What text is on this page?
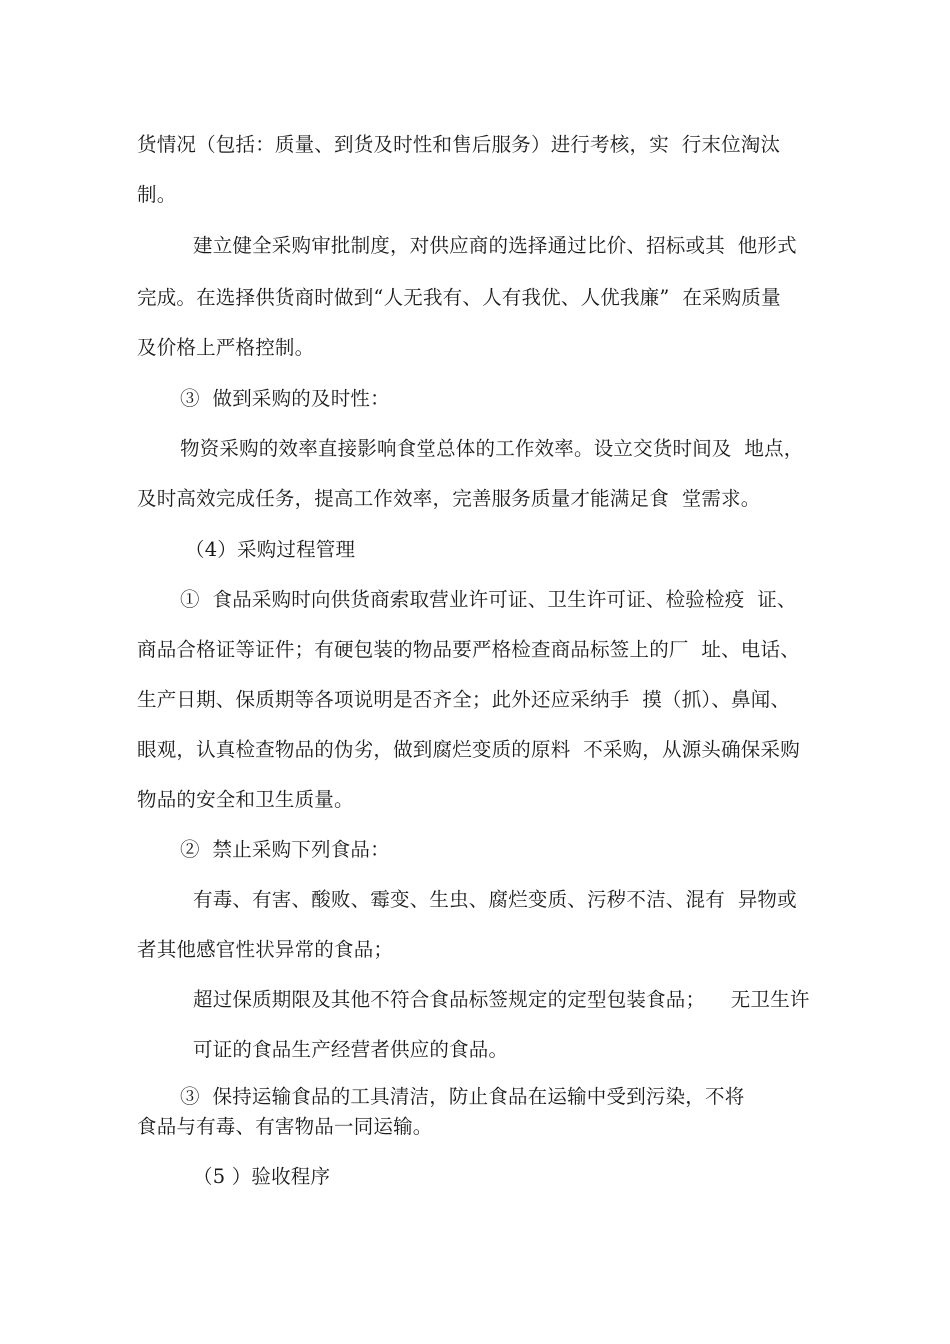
货情况（包括：质量、到货及时性和售后服务）进行考核，实  行末位淘汰
制。
建立健全采购审批制度，对供应商的选择通过比价、招标或其  他形式
完成。在选择供货商时做到“人无我有、人有我优、人优我廉”  在采购质量
及价格上严格控制。
③  做到采购的及时性：
物资采购的效率直接影响食堂总体的工作效率。设立交货时间及  地点，
及时高效完成任务，提高工作效率，完善服务质量才能满足食  堂需求。
（4）采购过程管理
①  食品采购时向供货商索取营业许可证、卫生许可证、检验检疫  证、
商品合格证等证件；有硬包装的物品要严格检查商品标签上的厂  址、电话、
生产日期、保质期等各项说明是否齐全；此外还应采纳手  摸（抓）、鼻闻、
眼观，认真检查物品的伪劣，做到腐烂变质的原料  不采购，从源头确保采购
物品的安全和卫生质量。
②  禁止采购下列食品：
有毒、有害、酸败、霉变、生虫、腐烂变质、污秽不洁、混有  异物或
者其他感官性状异常的食品；
超过保质期限及其他不符合食品标签规定的定型包装食品；    无卫生许
可证的食品生产经营者供应的食品。
③  保持运输食品的工具清洁，防止食品在运输中受到污染，不将
食品与有毒、有害物品一同运输。
（5 ）验收程序
